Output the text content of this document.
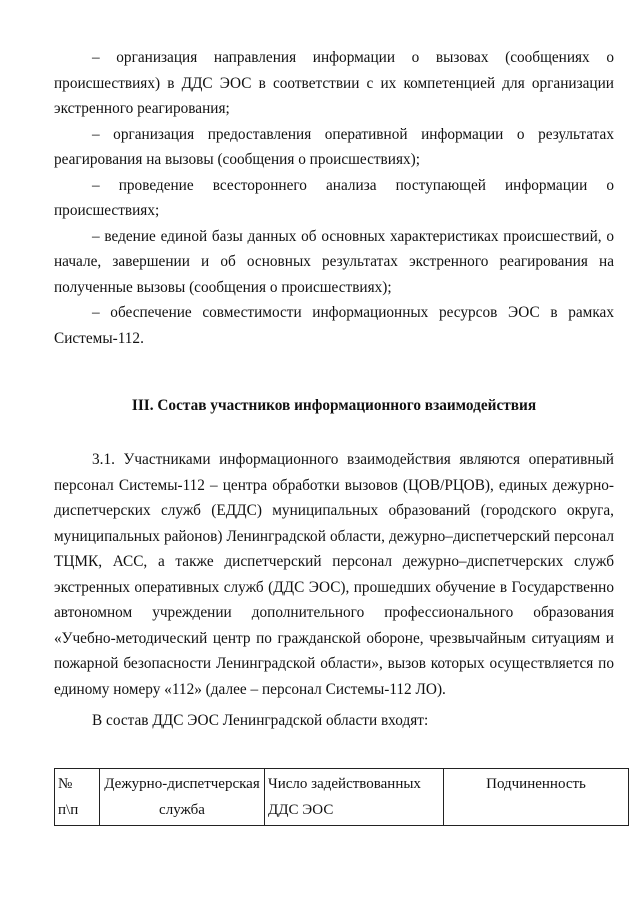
– организация направления информации о вызовах (сообщениях о происшествиях) в ДДС ЭОС в соответствии с их компетенцией для организации экстренного реагирования;

– организация предоставления оперативной информации о результатах реагирования на вызовы (сообщения о происшествиях);

– проведение всестороннего анализа поступающей информации о происшествиях;

– ведение единой базы данных об основных характеристиках происшествий, о начале, завершении и об основных результатах экстренного реагирования на полученные вызовы (сообщения о происшествиях);

– обеспечение совместимости информационных ресурсов ЭОС в рамках Системы-112.

III. Состав участников информационного взаимодействия

3.1. Участниками информационного взаимодействия являются оперативный персонал Системы-112 – центра обработки вызовов (ЦОВ/РЦОВ), единых дежурно-диспетчерских служб (ЕДДС) муниципальных образований (городского округа, муниципальных районов) Ленинградской области, дежурно–диспетчерский персонал ТЦМК, АСС, а также диспетчерский персонал дежурно–диспетчерских служб экстренных оперативных служб (ДДС ЭОС), прошедших обучение в Государственно автономном учреждении дополнительного профессионального образования «Учебно-методический центр по гражданской обороне, чрезвычайным ситуациям и пожарной безопасности Ленинградской области», вызов которых осуществляется по единому номеру «112» (далее – персонал Системы-112 ЛО).

В состав ДДС ЭОС Ленинградской области входят:

№ п\п	Дежурно-диспетчерская служба	Число задействованных ДДС ЭОС	Подчиненность
